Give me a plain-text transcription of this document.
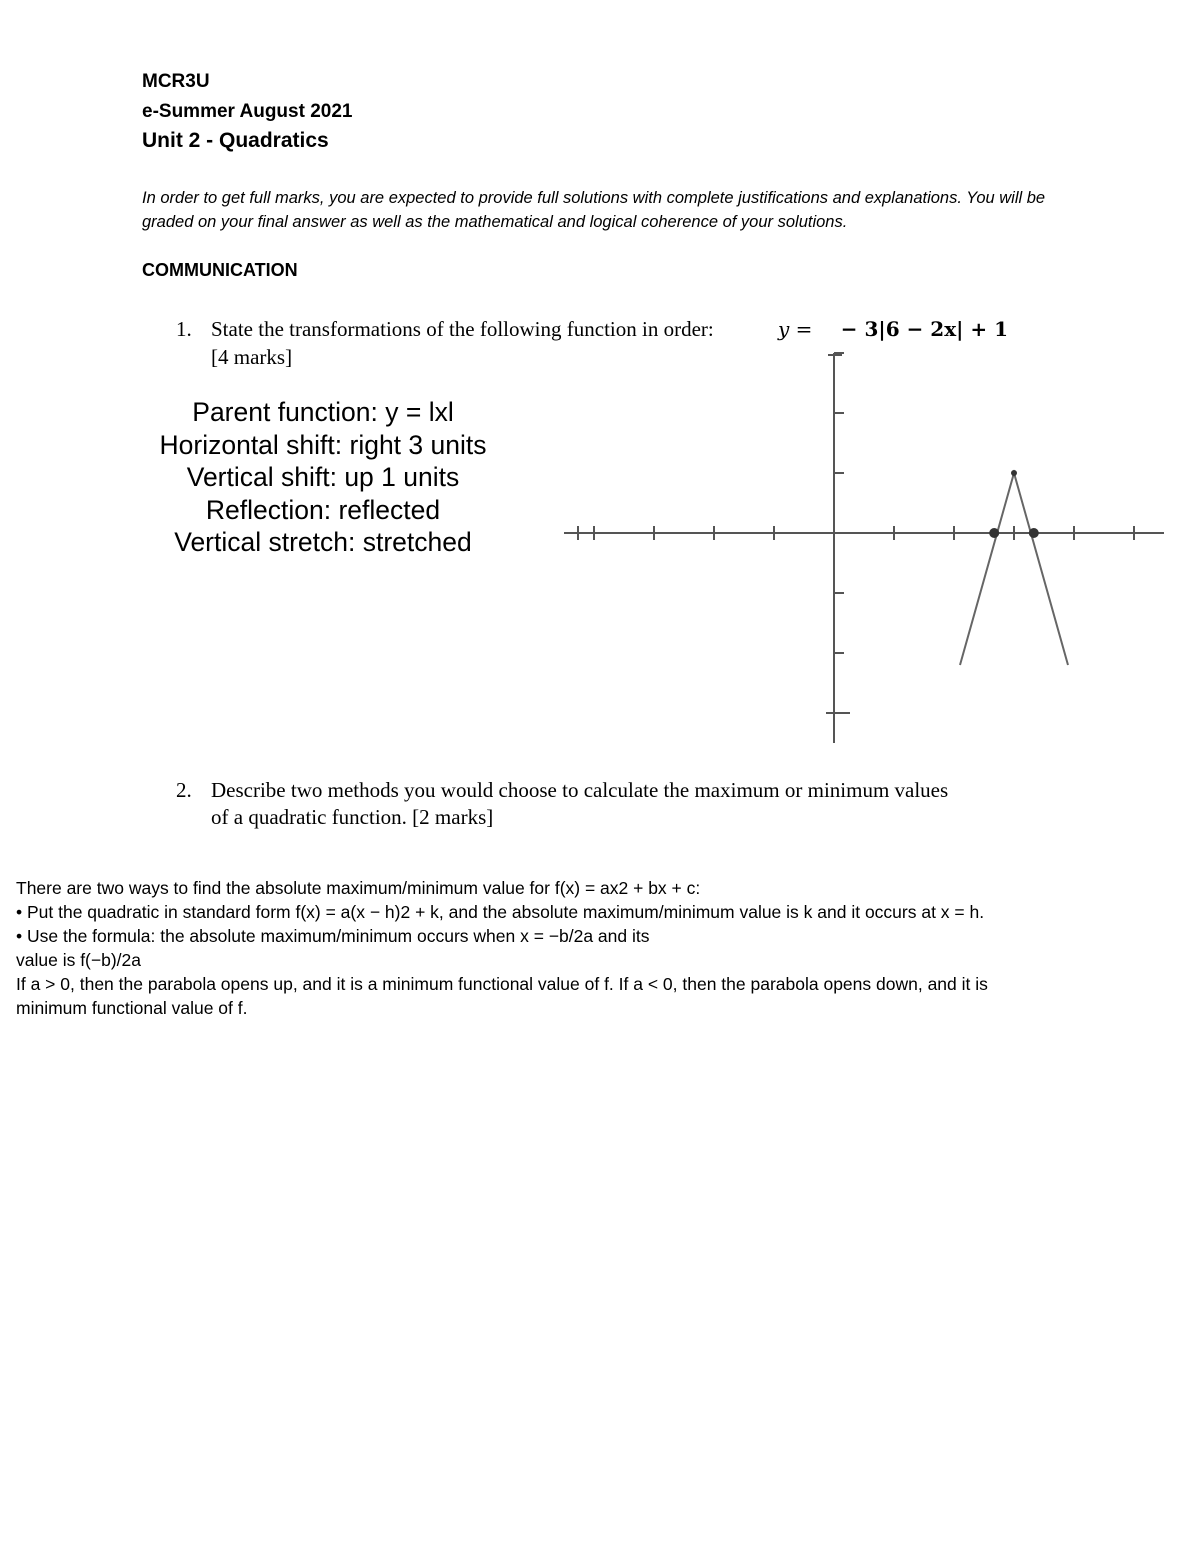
MCR3U
e-Summer August 2021
Unit 2 - Quadratics
In order to get full marks, you are expected to provide full solutions with complete justifications and explanations. You will be graded on your final answer as well as the mathematical and logical coherence of your solutions.
COMMUNICATION
1. State the transformations of the following function in order:
[4 marks]
y = − 3|6 − 2x| + 1
Parent function: y = lxl
Horizontal shift: right 3 units
Vertical shift: up 1 units
Reflection: reflected
Vertical stretch: stretched
2. Describe two methods you would choose to calculate the maximum or minimum values
of a quadratic function. [2 marks]
There are two ways to find the absolute maximum/minimum value for f(x) = ax2 + bx + c:
• Put the quadratic in standard form f(x) = a(x − h)2 + k, and the absolute maximum/minimum value is k and it occurs at x = h.
• Use the formula: the absolute maximum/minimum occurs when x = −b/2a and its
value is f(−b)/2a
If a > 0, then the parabola opens up, and it is a minimum functional value of f. If a < 0, then the parabola opens down, and it is
minimum functional value of f.
